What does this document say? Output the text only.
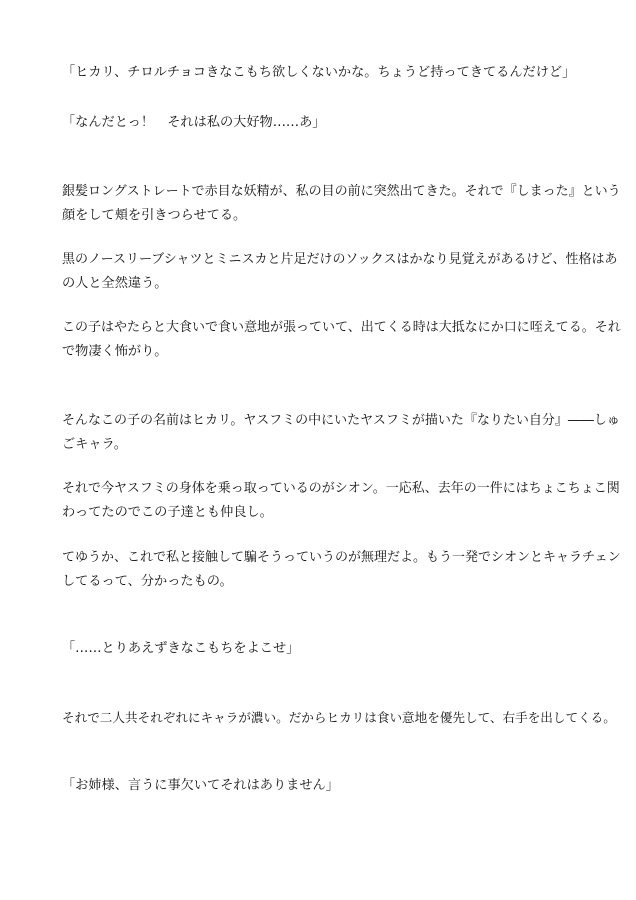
「ヒカリ、チロルチョコきなこもち欲しくないかな。ちょうど持ってきてるんだけど」
「なんだとっ！　それは私の大好物……あ」
銀髪ロングストレートで赤目な妖精が、私の目の前に突然出てきた。それで『しまった』という
顔をして頬を引きつらせてる。
黒のノースリーブシャツとミニスカと片足だけのソックスはかなり見覚えがあるけど、性格はあ
の人と全然違う。
この子はやたらと大食いで食い意地が張っていて、出てくる時は大抵なにか口に咥えてる。それ
で物凄く怖がり。
そんなこの子の名前はヒカリ。ヤスフミの中にいたヤスフミが描いた『なりたい自分』――しゅ
ごキャラ。
それで今ヤスフミの身体を乗っ取っているのがシオン。一応私、去年の一件にはちょこちょこ関
わってたのでこの子達とも仲良し。
てゆうか、これで私と接触して騙そうっていうのが無理だよ。もう一発でシオンとキャラチェン
してるって、分かったもの。
「……とりあえずきなこもちをよこせ」
それで二人共それぞれにキャラが濃い。だからヒカリは食い意地を優先して、右手を出してくる。
「お姉様、言うに事欠いてそれはありません」
